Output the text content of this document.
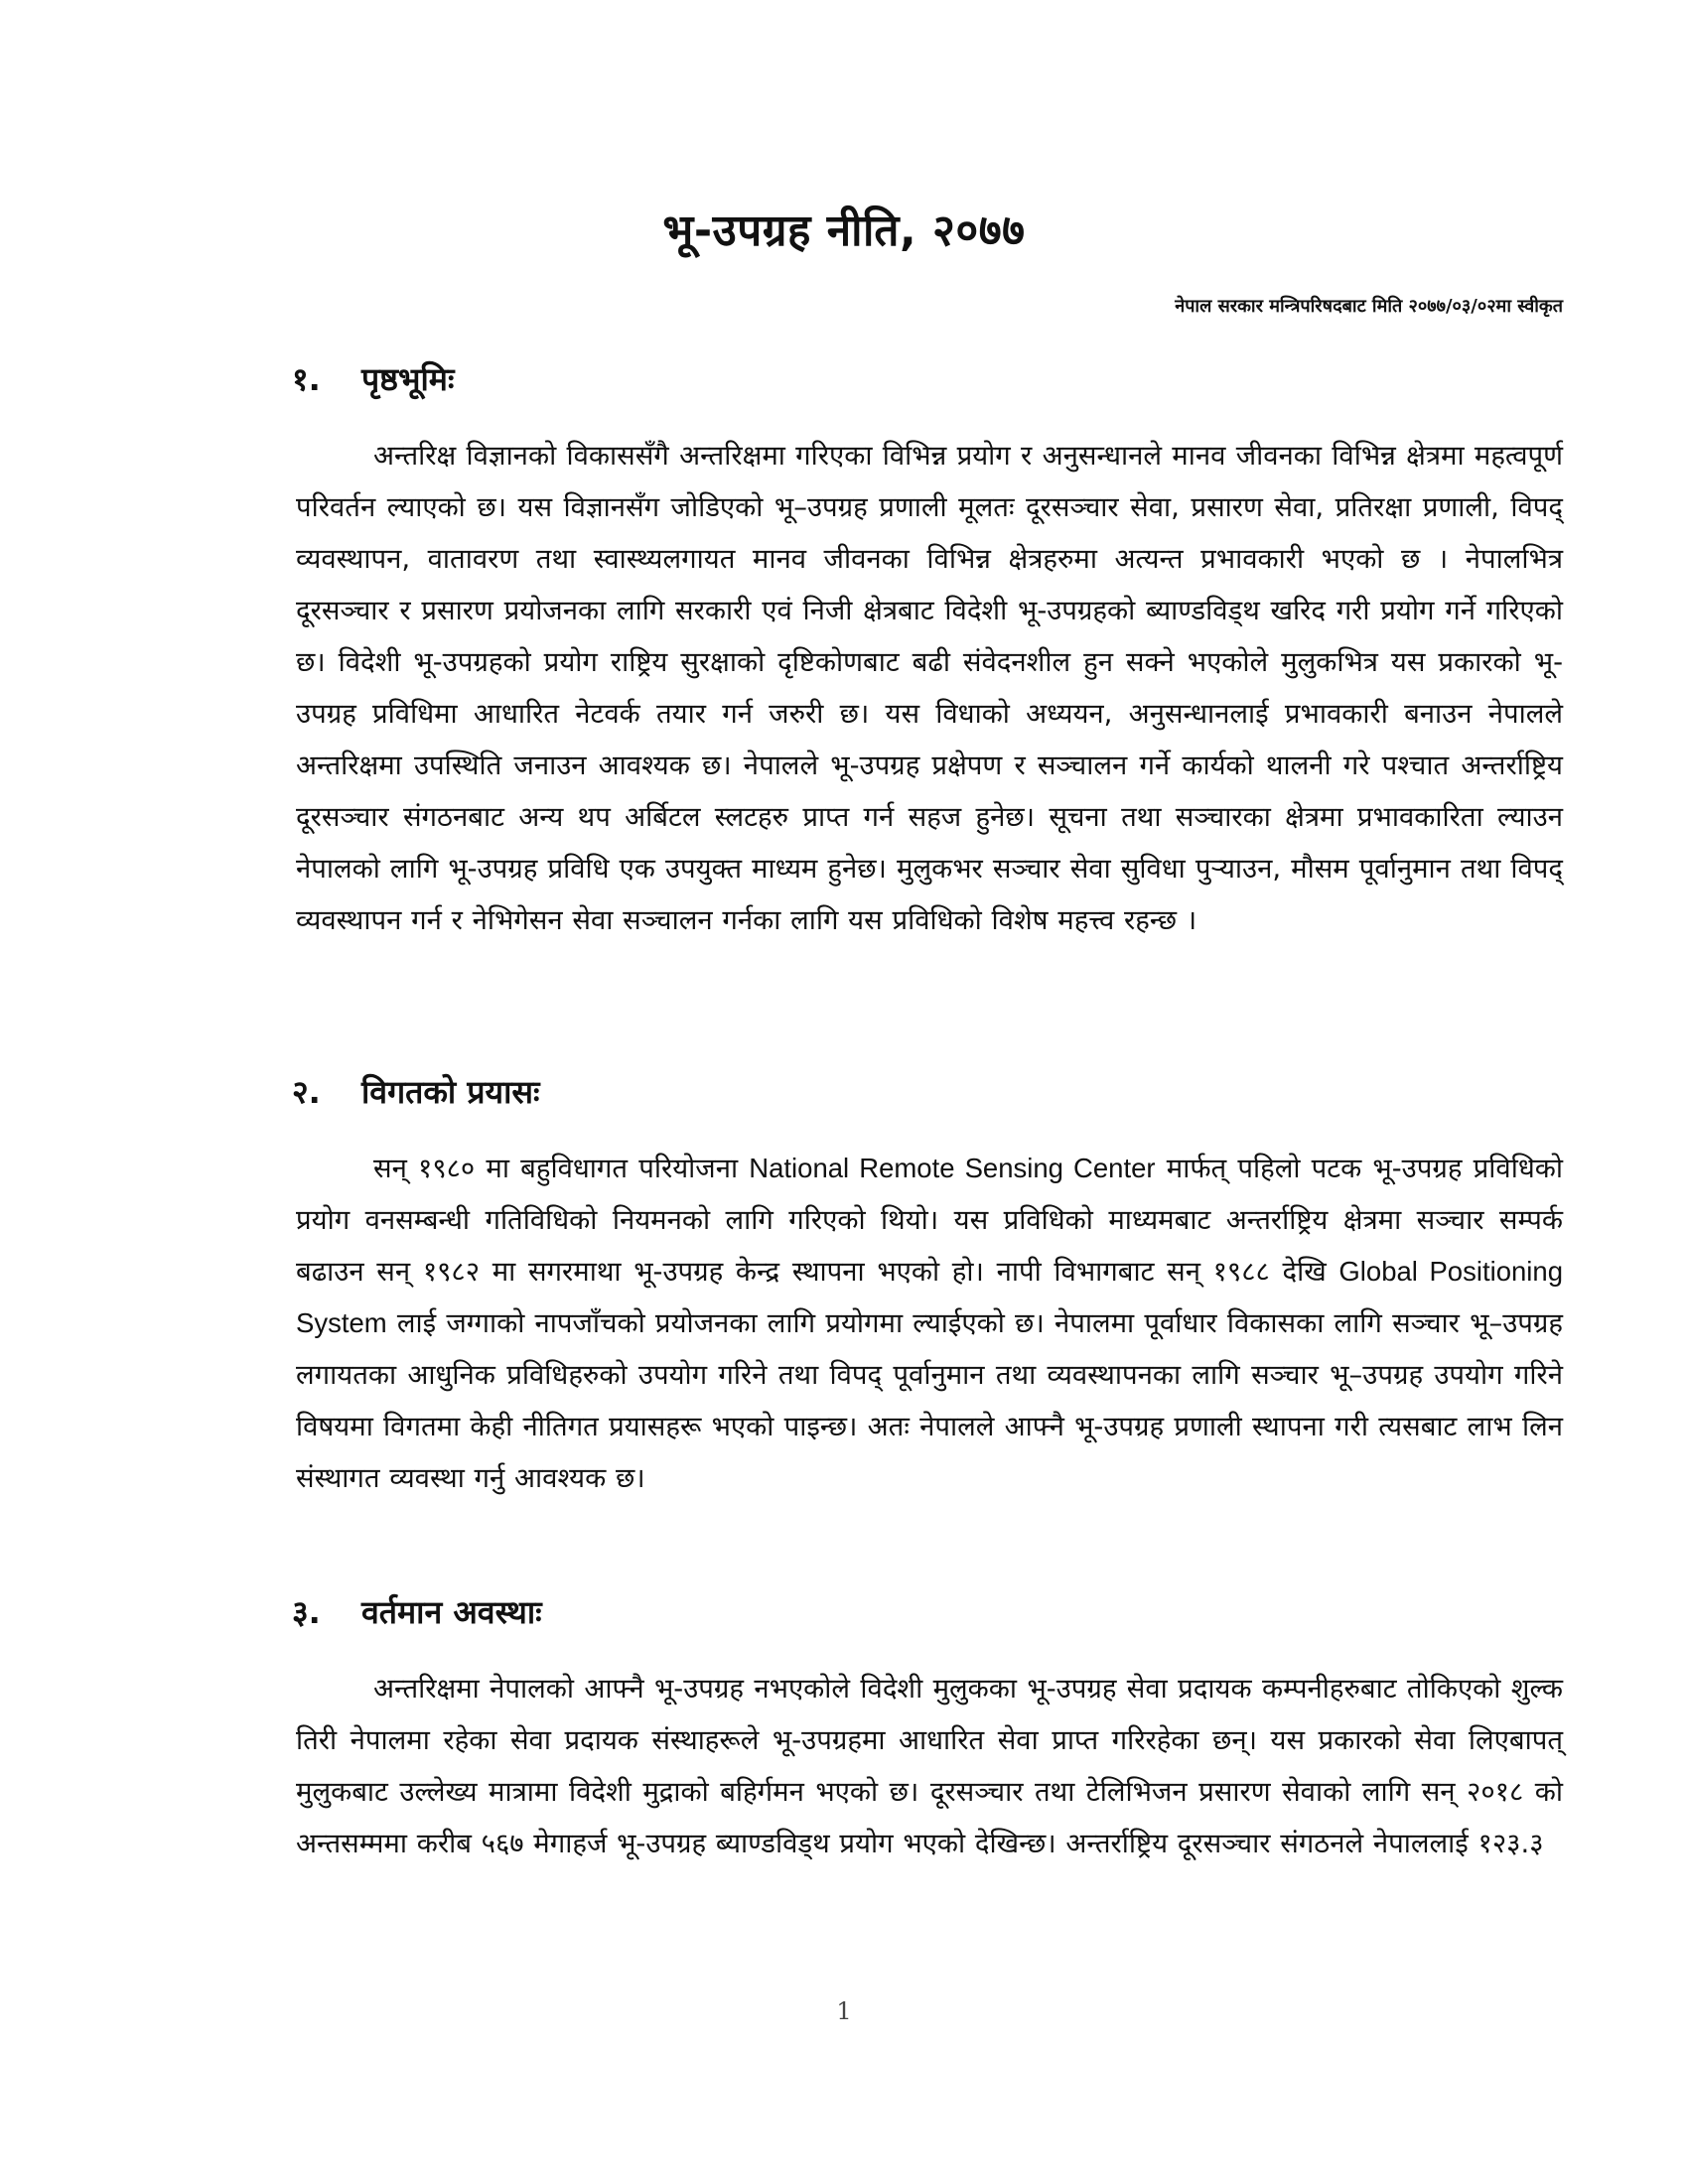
भू-उपग्रह नीति, २०७७
नेपाल सरकार मन्त्रिपरिषदबाट मिति २०७७/०३/०२मा स्वीकृत
१.	पृष्ठभूमिः
अन्तरिक्ष विज्ञानको विकाससँगै अन्तरिक्षमा गरिएका विभिन्न प्रयोग र अनुसन्धानले मानव जीवनका विभिन्न क्षेत्रमा महत्वपूर्ण परिवर्तन ल्याएको छ। यस विज्ञानसँग जोडिएको भू–उपग्रह प्रणाली मूलतः दूरसञ्चार सेवा, प्रसारण सेवा, प्रतिरक्षा प्रणाली, विपद् व्यवस्थापन, वातावरण तथा स्वास्थ्यलगायत मानव जीवनका विभिन्न क्षेत्रहरुमा अत्यन्त प्रभावकारी भएको छ । नेपालभित्र दूरसञ्चार र प्रसारण प्रयोजनका लागि सरकारी एवं निजी क्षेत्रबाट विदेशी भू-उपग्रहको ब्याण्डविड्थ खरिद गरी प्रयोग गर्ने गरिएको छ। विदेशी भू-उपग्रहको प्रयोग राष्ट्रिय सुरक्षाको दृष्टिकोणबाट बढी संवेदनशील हुन सक्ने भएकोले मुलुकभित्र यस प्रकारको भू-उपग्रह प्रविधिमा आधारित नेटवर्क तयार गर्न जरुरी छ। यस विधाको अध्ययन, अनुसन्धानलाई प्रभावकारी बनाउन नेपालले अन्तरिक्षमा उपस्थिति जनाउन आवश्यक छ। नेपालले भू-उपग्रह प्रक्षेपण र सञ्चालन गर्ने कार्यको थालनी गरे पश्चात अन्तर्राष्ट्रिय दूरसञ्चार संगठनबाट अन्य थप अर्बिटल स्लटहरु प्राप्त गर्न सहज हुनेछ। सूचना तथा सञ्चारका क्षेत्रमा प्रभावकारिता ल्याउन नेपालको लागि भू-उपग्रह प्रविधि एक उपयुक्त माध्यम हुनेछ। मुलुकभर सञ्चार सेवा सुविधा पुऱ्याउन, मौसम पूर्वानुमान तथा विपद् व्यवस्थापन गर्न र नेभिगेसन सेवा सञ्चालन गर्नका लागि यस प्रविधिको विशेष महत्त्व रहन्छ ।
२.	विगतको प्रयासः
सन् १९८० मा बहुविधागत परियोजना National Remote Sensing Center मार्फत् पहिलो पटक भू-उपग्रह प्रविधिको प्रयोग वनसम्बन्धी गतिविधिको नियमनको लागि गरिएको थियो। यस प्रविधिको माध्यमबाट अन्तर्राष्ट्रिय क्षेत्रमा सञ्चार सम्पर्क बढाउन सन् १९८२ मा सगरमाथा भू-उपग्रह केन्द्र स्थापना भएको हो। नापी विभागबाट सन् १९८८ देखि Global Positioning System लाई जग्गाको नापजाँचको प्रयोजनका लागि प्रयोगमा ल्याईएको छ। नेपालमा पूर्वाधार विकासका लागि सञ्चार भू–उपग्रह लगायतका आधुनिक प्रविधिहरुको उपयोग गरिने तथा विपद् पूर्वानुमान तथा व्यवस्थापनका लागि सञ्चार भू–उपग्रह उपयोग गरिने विषयमा विगतमा केही नीतिगत प्रयासहरू भएको पाइन्छ। अतः नेपालले आफ्नै भू-उपग्रह प्रणाली स्थापना गरी त्यसबाट लाभ लिन संस्थागत व्यवस्था गर्नु आवश्यक छ।
३.	वर्तमान अवस्थाः
अन्तरिक्षमा नेपालको आफ्नै भू-उपग्रह नभएकोले विदेशी मुलुकका भू-उपग्रह सेवा प्रदायक कम्पनीहरुबाट तोकिएको शुल्क तिरी नेपालमा रहेका सेवा प्रदायक संस्थाहरूले भू-उपग्रहमा आधारित सेवा प्राप्त गरिरहेका छन्। यस प्रकारको सेवा लिएबापत् मुलुकबाट उल्लेख्य मात्रामा विदेशी मुद्राको बहिर्गमन भएको छ। दूरसञ्चार तथा टेलिभिजन प्रसारण सेवाको लागि सन् २०१८ को अन्तसम्ममा करीब ५६७ मेगाहर्ज भू-उपग्रह ब्याण्डविड्थ प्रयोग भएको देखिन्छ। अन्तर्राष्ट्रिय दूरसञ्चार संगठनले नेपाललाई १२३.३
1
